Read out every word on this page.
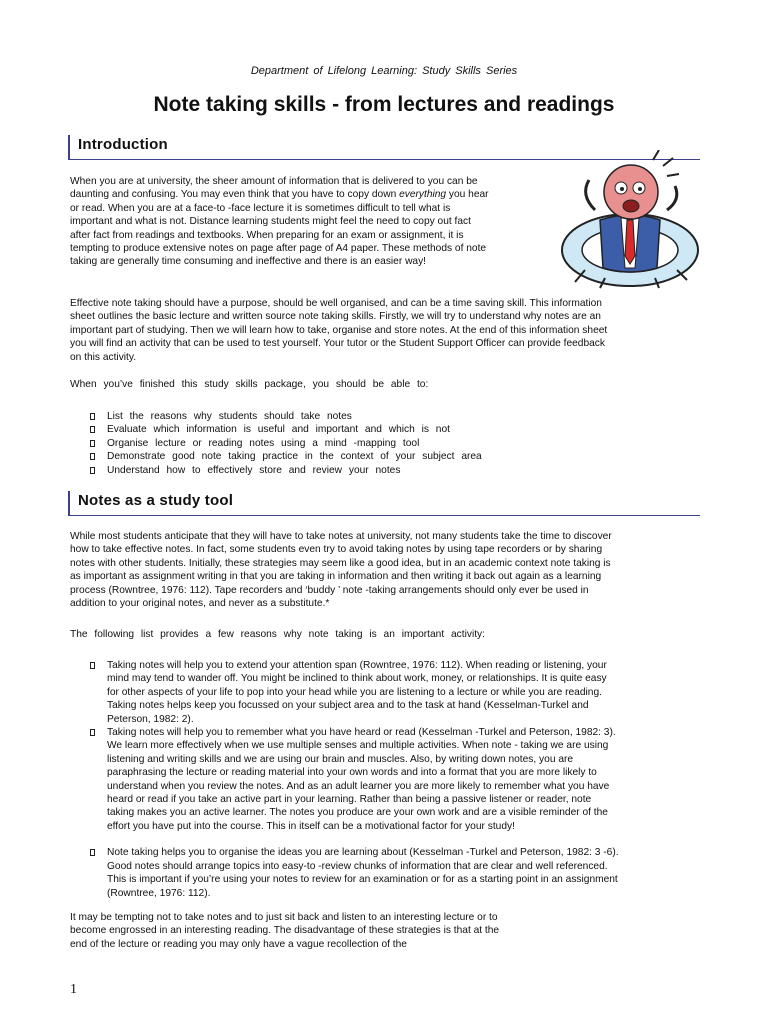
Department of Lifelong Learning: Study Skills Series
Note taking skills - from lectures and readings
Introduction

When you are at university, the sheer amount of information that is delivered to you can be
daunting and confusing. You may even think that you have to copy down everything you hear
or read. When you are at a face-to -face lecture it is sometimes difficult to tell what is
important and what is not. Distance learning students might feel the need to copy out fact
after fact from readings and textbooks. When preparing for an exam or assignment, it is
tempting to produce extensive notes on page after page of A4 paper. These methods of note
taking are generally time consuming and ineffective and there is an easier way!

Effective note taking should have a purpose, should be well organised, and can be a time saving skill. This information
sheet outlines the basic lecture and written source note taking skills. Firstly, we will try to understand why notes are an
important part of studying. Then we will learn how to take, organise and store notes. At the end of this information sheet
you will find an activity that can be used to test yourself. Your tutor or the Student Support Officer can provide feedback
on this activity.

When you’ve finished this study skills package, you should be able to:

List the reasons why students should take notes
Evaluate which information is useful and important and which is not
Organise lecture or reading notes using a mind -mapping tool
Demonstrate good note taking practice in the context of your subject area
Understand how to effectively store and review your notes
Notes as a study tool

While most students anticipate that they will have to take notes at university, not many students take the time to discover
how to take effective notes. In fact, some students even try to avoid taking notes by using tape recorders or by sharing
notes with other students. Initially, these strategies may seem like a good idea, but in an academic context note taking is
as important as assignment writing in that you are taking in information and then writing it back out again as a learning
process (Rowntree, 1976: 112). Tape recorders and ‘buddy ’ note -taking arrangements should only ever be used in
addition to your original notes, and never as a substitute.*

The following list provides a few reasons why note taking is an important activity:

Taking notes will help you to extend your attention span (Rowntree, 1976: 112). When reading or listening, your
mind may tend to wander off. You might be inclined to think about work, money, or relationships. It is quite easy
for other aspects of your life to pop into your head while you are listening to a lecture or while you are reading.
Taking notes helps keep you focussed on your subject area and to the task at hand (Kesselman-Turkel and
Peterson, 1982: 2).
Taking notes will help you to remember what you have heard or read (Kesselman -Turkel and Peterson, 1982: 3).
We learn more effectively when we use multiple senses and multiple activities. When note - taking we are using
listening and writing skills and we are using our brain and muscles. Also, by writing down notes, you are
paraphrasing the lecture or reading material into your own words and into a format that you are more likely to
understand when you review the notes. And as an adult learner you are more likely to remember what you have
heard or read if you take an active part in your learning. Rather than being a passive listener or reader, note
taking makes you an active learner. The notes you produce are your own work and are a visible reminder of the
effort you have put into the course. This in itself can be a motivational factor for your study!
Note taking helps you to organise the ideas you are learning about (Kesselman -Turkel and Peterson, 1982: 3 -6).
Good notes should arrange topics into easy-to -review chunks of information that are clear and well referenced.
This is important if you’re using your notes to review for an examination or for as a starting point in an assignment
(Rowntree, 1976: 112).

It may be tempting not to take notes and to just sit back and listen to an interesting lecture or to
become engrossed in an interesting reading. The disadvantage of these strategies is that at the
end of the lecture or reading you may only have a vague recollection of the

1
